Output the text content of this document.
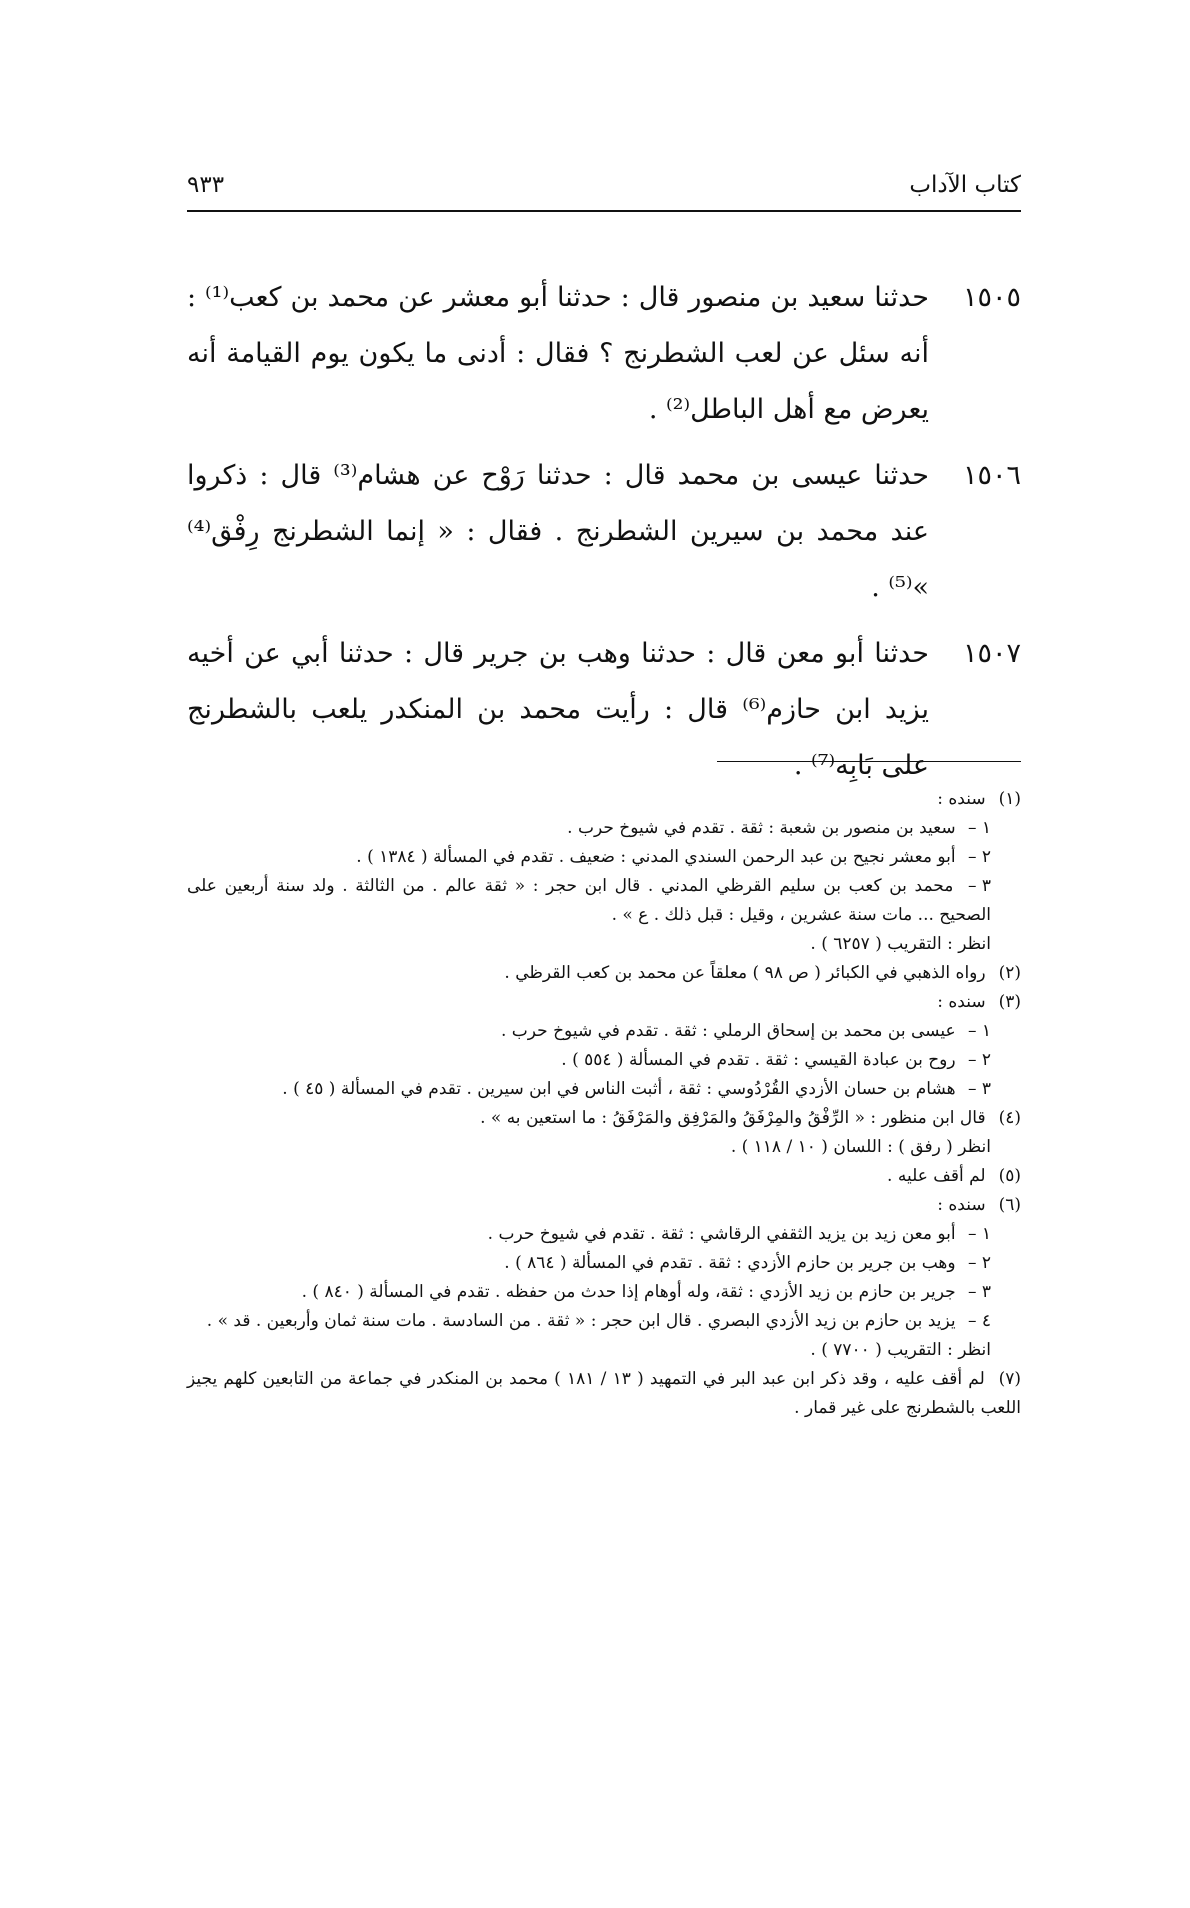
كتاب الآداب
٩٣٣
١٥٠٥
حدثنا سعيد بن منصور قال : حدثنا أبو معشر عن محمد بن كعب⁽¹⁾ : أنه سئل عن لعب الشطرنج ؟ فقال : أدنى ما يكون يوم القيامة أنه يعرض مع أهل الباطل⁽²⁾ .
١٥٠٦
حدثنا عيسى بن محمد قال : حدثنا رَوْح عن هشام⁽³⁾ قال : ذكروا عند محمد بن سيرين الشطرنج . فقال : « إنما الشطرنج رِفْق⁽⁴⁾ »⁽⁵⁾ .
١٥٠٧
حدثنا أبو معن قال : حدثنا وهب بن جرير قال : حدثنا أبي عن أخيه يزيد ابن حازم⁽⁶⁾ قال : رأيت محمد بن المنكدر يلعب بالشطرنج على بَابِه⁽⁷⁾ .
(١) سنده :
١ – سعيد بن منصور بن شعبة : ثقة . تقدم في شيوخ حرب .
٢ – أبو معشر نجيح بن عبد الرحمن السندي المدني : ضعيف . تقدم في المسألة ( ١٣٨٤ ) .
٣ – محمد بن كعب بن سليم القرظي المدني . قال ابن حجر : « ثقة عالم . من الثالثة . ولد سنة أربعين على الصحيح ... مات سنة عشرين ، وقيل : قبل ذلك . ع » .
انظر : التقريب ( ٦٢٥٧ ) .
(٢) رواه الذهبي في الكبائر ( ص ٩٨ ) معلقاً عن محمد بن كعب القرظي .
(٣) سنده :
١ – عيسى بن محمد بن إسحاق الرملي : ثقة . تقدم في شيوخ حرب .
٢ – روح بن عبادة القيسي : ثقة . تقدم في المسألة ( ٥٥٤ ) .
٣ – هشام بن حسان الأزدي القُرْدُوسي : ثقة ، أثبت الناس في ابن سيرين . تقدم في المسألة ( ٤٥ ) .
(٤) قال ابن منظور : « الرِّفْقُ والمِرْفَقُ والمَرْفِق والمَرْفَقُ : ما استعين به » .
انظر ( رفق ) : اللسان ( ١٠ / ١١٨ ) .
(٥) لم أقف عليه .
(٦) سنده :
١ – أبو معن زيد بن يزيد الثقفي الرقاشي : ثقة . تقدم في شيوخ حرب .
٢ – وهب بن جرير بن حازم الأزدي : ثقة . تقدم في المسألة ( ٨٦٤ ) .
٣ – جرير بن حازم بن زيد الأزدي : ثقة، وله أوهام إذا حدث من حفظه . تقدم في المسألة ( ٨٤٠ ) .
٤ – يزيد بن حازم بن زيد الأزدي البصري . قال ابن حجر : « ثقة . من السادسة . مات سنة ثمان وأربعين . قد » .
انظر : التقريب ( ٧٧٠٠ ) .
(٧) لم أقف عليه ، وقد ذكر ابن عبد البر في التمهيد ( ١٣ / ١٨١ ) محمد بن المنكدر في جماعة من التابعين كلهم يجيز اللعب بالشطرنج على غير قمار .
